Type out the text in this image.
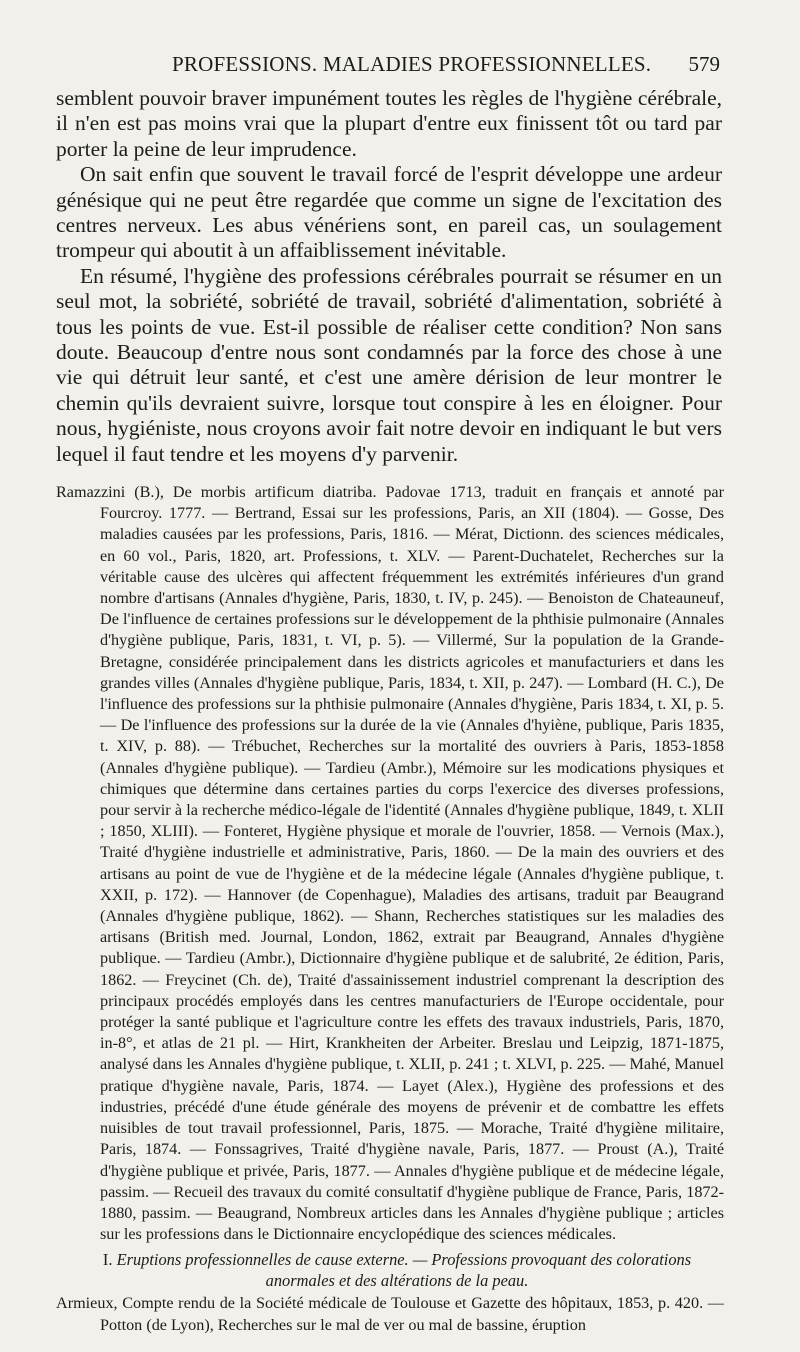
PROFESSIONS. MALADIES PROFESSIONNELLES. 579

semblent pouvoir braver impunément toutes les règles de l'hygiène cérébrale, il n'en est pas moins vrai que la plupart d'entre eux finissent tôt ou tard par porter la peine de leur imprudence.

On sait enfin que souvent le travail forcé de l'esprit développe une ardeur génésique qui ne peut être regardée que comme un signe de l'excitation des centres nerveux. Les abus vénériens sont, en pareil cas, un soulagement trompeur qui aboutit à un affaiblissement inévitable.

En résumé, l'hygiène des professions cérébrales pourrait se résumer en un seul mot, la sobriété, sobriété de travail, sobriété d'alimentation, sobriété à tous les points de vue. Est-il possible de réaliser cette condition? Non sans doute. Beaucoup d'entre nous sont condamnés par la force des chose à une vie qui détruit leur santé, et c'est une amère dérision de leur montrer le chemin qu'ils devraient suivre, lorsque tout conspire à les en éloigner. Pour nous, hygiéniste, nous croyons avoir fait notre devoir en indiquant le but vers lequel il faut tendre et les moyens d'y parvenir.

Ramazzini (B.), De morbis artificum diatriba. Padovae 1713, traduit en français et annoté par Fourcroy. 1777. — Bertrand, Essai sur les professions, Paris, an XII (1804). — Gosse, Des maladies causées par les professions, Paris, 1816. — Mérat, Dictionn. des sciences médicales, en 60 vol., Paris, 1820, art. Professions, t. XLV. — Parent-Duchatelet, Recherches sur la véritable cause des ulcères qui affectent fréquemment les extrémités inférieures d'un grand nombre d'artisans (Annales d'hygiène, Paris, 1830, t. IV, p. 245). — Benoiston de Chateauneuf, De l'influence de certaines professions sur le développement de la phthisie pulmonaire (Annales d'hygiène publique, Paris, 1831, t. VI, p. 5). — Villermé, Sur la population de la Grande-Bretagne, considérée principalement dans les districts agricoles et manufacturiers et dans les grandes villes (Annales d'hygiène publique, Paris, 1834, t. XII, p. 247). — Lombard (H. C.), De l'influence des professions sur la phthisie pulmonaire (Annales d'hygiène, Paris 1834, t. XI, p. 5. — De l'influence des professions sur la durée de la vie (Annales d'hyiène, publique, Paris 1835, t. XIV, p. 88). — Trébuchet, Recherches sur la mortalité des ouvriers à Paris, 1853-1858 (Annales d'hygiène publique). — Tardieu (Ambr.), Mémoire sur les modications physiques et chimiques que détermine dans certaines parties du corps l'exercice des diverses professions, pour servir à la recherche médico-légale de l'identité (Annales d'hygiène publique, 1849, t. XLII ; 1850, XLIII). — Fonteret, Hygiène physique et morale de l'ouvrier, 1858. — Vernois (Max.), Traité d'hygiène industrielle et administrative, Paris, 1860. — De la main des ouvriers et des artisans au point de vue de l'hygiène et de la médecine légale (Annales d'hygiène publique, t. XXII, p. 172). — Hannover (de Copenhague), Maladies des artisans, traduit par Beaugrand (Annales d'hygiène publique, 1862). — Shann, Recherches statistiques sur les maladies des artisans (British med. Journal, London, 1862, extrait par Beaugrand, Annales d'hygiène publique. — Tardieu (Ambr.), Dictionnaire d'hygiène publique et de salubrité, 2e édition, Paris, 1862. — Freycinet (Ch. de), Traité d'assainissement industriel comprenant la description des principaux procédés employés dans les centres manufacturiers de l'Europe occidentale, pour protéger la santé publique et l'agriculture contre les effets des travaux industriels, Paris, 1870, in-8°, et atlas de 21 pl. — Hirt, Krankheiten der Arbeiter. Breslau und Leipzig, 1871-1875, analysé dans les Annales d'hygiène publique, t. XLII, p. 241 ; t. XLVI, p. 225. — Mahé, Manuel pratique d'hygiène navale, Paris, 1874. — Layet (Alex.), Hygiène des professions et des industries, précédé d'une étude générale des moyens de prévenir et de combattre les effets nuisibles de tout travail professionnel, Paris, 1875. — Morache, Traité d'hygiène militaire, Paris, 1874. — Fonssagrives, Traité d'hygiène navale, Paris, 1877. — Proust (A.), Traité d'hygiène publique et privée, Paris, 1877. — Annales d'hygiène publique et de médecine légale, passim. — Recueil des travaux du comité consultatif d'hygiène publique de France, Paris, 1872-1880, passim. — Beaugrand, Nombreux articles dans les Annales d'hygiène publique ; articles sur les professions dans le Dictionnaire encyclopédique des sciences médicales.

I. Eruptions professionnelles de cause externe. — Professions provoquant des colorations anormales et des altérations de la peau.

Armieux, Compte rendu de la Société médicale de Toulouse et Gazette des hôpitaux, 1853, p. 420. — Potton (de Lyon), Recherches sur le mal de ver ou mal de bassine, éruption
